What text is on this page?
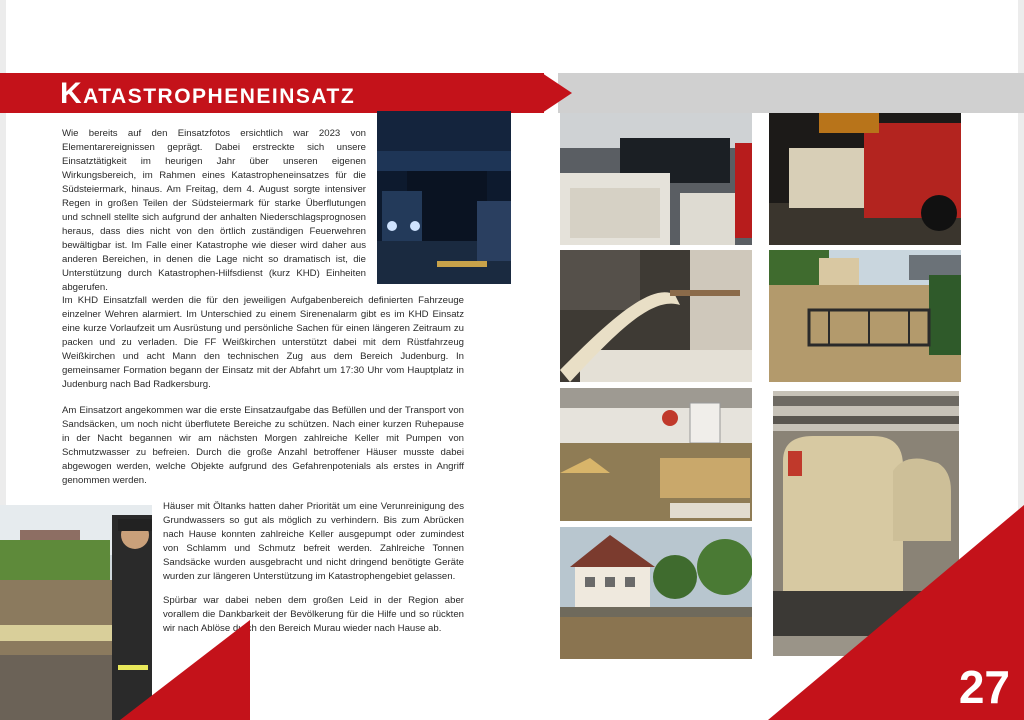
Katastropheneinsatz

Wie bereits auf den Einsatzfotos ersichtlich war 2023 von Elementarereignissen geprägt. Dabei erstreckte sich unsere Einsatztätigkeit im heurigen Jahr über unseren eigenen Wirkungsbereich, im Rahmen eines Katastropheneinsatzes für die Südsteiermark, hinaus. Am Freitag, dem 4. August sorgte intensiver Regen in großen Teilen der Südsteiermark für starke Überflutungen und schnell stellte sich aufgrund der anhalten Niederschlagsprognosen heraus, dass dies nicht von den örtlich zuständigen Feuerwehren bewältigbar ist. Im Falle einer Katastrophe wie dieser wird daher aus anderen Bereichen, in denen die Lage nicht so dramatisch ist, die Unterstützung durch Katastrophen-Hilfsdienst (kurz KHD) Einheiten abgerufen.

Im KHD Einsatzfall werden die für den jeweiligen Aufgabenbereich definierten Fahrzeuge einzelner Wehren alarmiert. Im Unterschied zu einem Sirenenalarm gibt es im KHD Einsatz eine kurze Vorlaufzeit um Ausrüstung und persönliche Sachen für einen längeren Zeitraum zu packen und zu verladen. Die FF Weißkirchen unterstützt dabei mit dem Rüstfahrzeug Weißkirchen und acht Mann den technischen Zug aus dem Bereich Judenburg. In gemeinsamer Formation begann der Einsatz mit der Abfahrt um 17:30 Uhr vom Hauptplatz in Judenburg nach Bad Radkersburg.

Am Einsatzort angekommen war die erste Einsatzaufgabe das Befüllen und der Transport von Sandsäcken, um noch nicht überflutete Bereiche zu schützen. Nach einer kurzen Ruhepause in der Nacht begannen wir am nächsten Morgen zahlreiche Keller mit Pumpen von Schmutzwasser zu befreien. Durch die große Anzahl betroffener Häuser musste dabei abgewogen werden, welche Objekte aufgrund des Gefahrenpotenials als erstes in Angriff genommen werden.

Häuser mit Öltanks hatten daher Priorität um eine Verunreinigung des Grundwassers so gut als möglich zu verhindern. Bis zum Abrücken nach Hause konnten zahlreiche Keller ausgepumpt oder zumindest von Schlamm und Schmutz befreit werden. Zahlreiche Tonnen Sandsäcke wurden ausgebracht und nicht dringend benötigte Geräte wurden zur längeren Unterstützung im Katastrophengebiet gelassen.

Spürbar war dabei neben dem großen Leid in der Region aber vorallem die Dankbarkeit der Bevölkerung für die Hilfe und so rückten wir nach Ablöse durch den Bereich Murau wieder nach Hause ab.

27
